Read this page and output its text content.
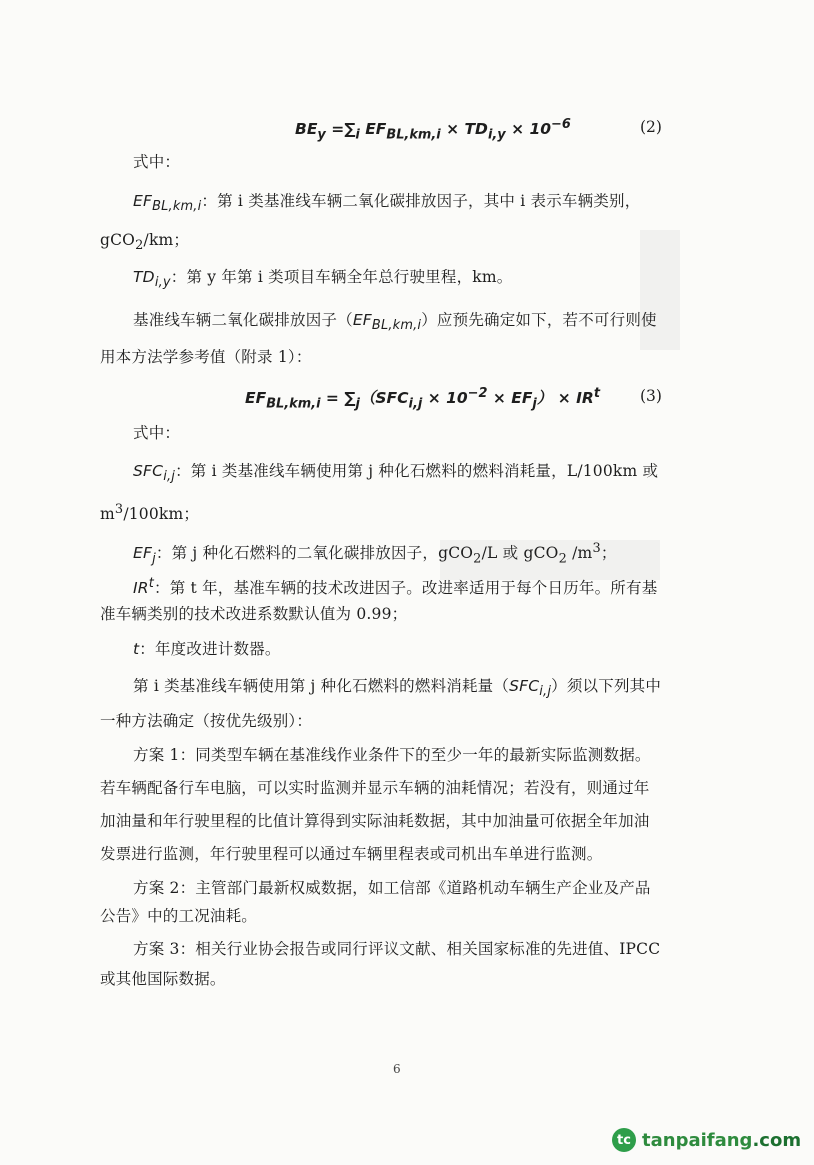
$BE_y =\sum_i$ $EF_{BL,km,i} \times TD_{i,y} \times 10^{-6}$	(2)
式中：
$EF_{BL,km,i}$：第 i 类基准线车辆二氧化碳排放因子，其中 i 表示车辆类别，
gCO$_2$/km；
$TD_{i,y}$：第 y 年第 i 类项目车辆全年总行驶里程，km。
基准线车辆二氧化碳排放因子$(EF_{BL,km,i})$应预先确定如下，若不可行则使
用本方法学参考值（附录 1）：
$EF_{BL,km,i} = \sum_j(SFC_{i,j} \times 10^{-2} \times EF_j) \times IR^t$	(3)
式中：
$SFC_{i,j}$：第 i 类基准线车辆使用第 j 种化石燃料的燃料消耗量，L/100km 或
$m^3/100km$；
$EF_j$：第 j 种化石燃料的二氧化碳排放因子，gCO$_2$/L 或 gCO$_2$ $/m^3$；
$IR^t$：第 t 年，基准车辆的技术改进因子。改进率适用于每个日历年。所有基
准车辆类别的技术改进系数默认值为 0.99；
t：年度改进计数器。
第 i 类基准线车辆使用第 j 种化石燃料的燃料消耗量$(SFC_{i,j})$须以下列其中
一种方法确定（按优先级别）：
方案 1：同类型车辆在基准线作业条件下的至少一年的最新实际监测数据。
若车辆配备行车电脑，可以实时监测并显示车辆的油耗情况；若没有，则通过年
加油量和年行驶里程的比值计算得到实际油耗数据，其中加油量可依据全年加油
发票进行监测，年行驶里程可以通过车辆里程表或司机出车单进行监测。
方案 2：主管部门最新权威数据，如工信部《道路机动车辆生产企业及产品
公告》中的工况油耗。
方案 3：相关行业协会报告或同行评议文献、相关国家标准的先进值、IPCC
或其他国际数据。
6
tc tanpaifang.com
